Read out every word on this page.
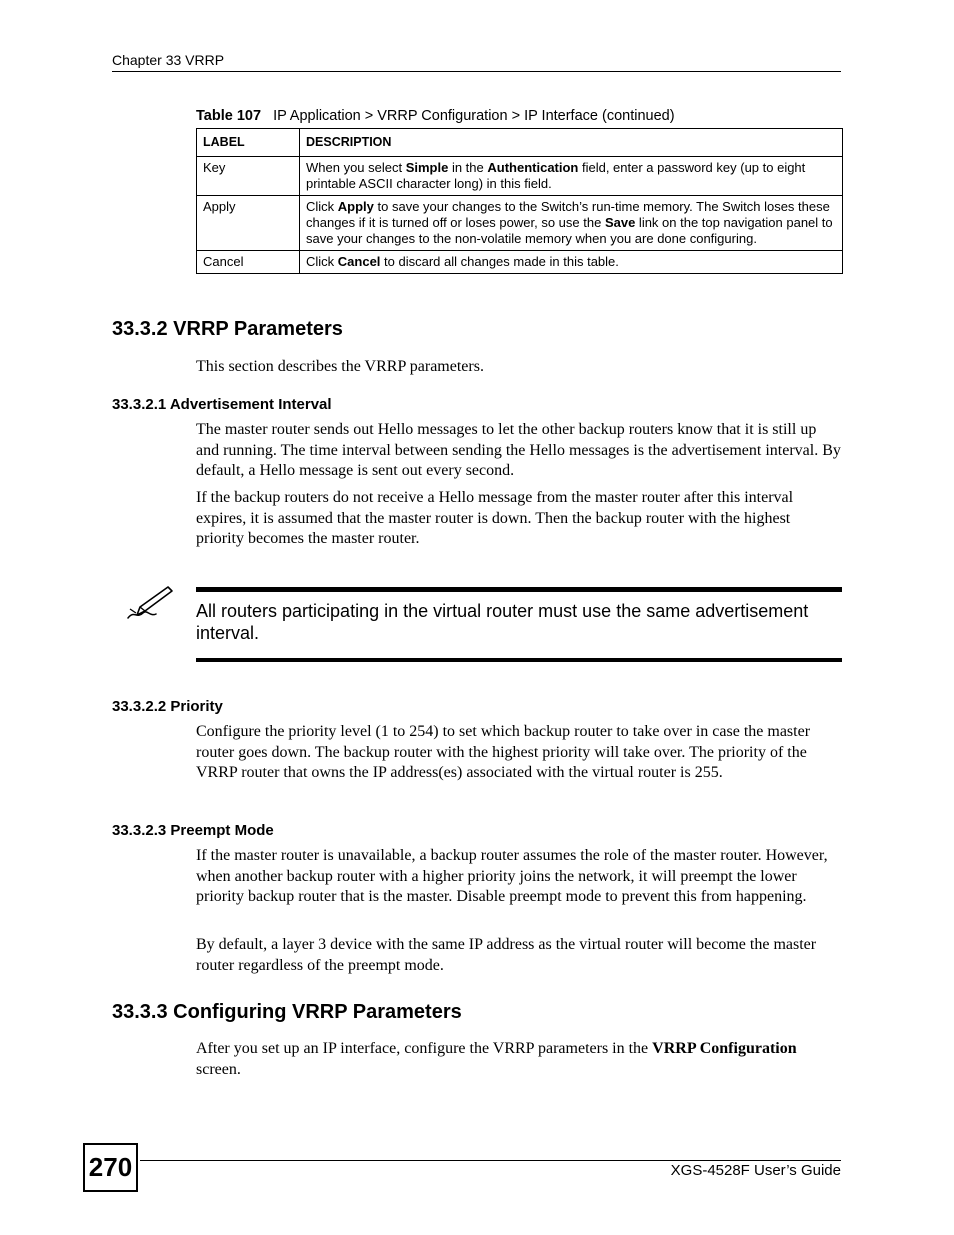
Chapter 33 VRRP
Table 107 IP Application > VRRP Configuration > IP Interface (continued)
LABEL	DESCRIPTION
Key	When you select Simple in the Authentication field, enter a password key (up to eight printable ASCII character long) in this field.
Apply	Click Apply to save your changes to the Switch’s run-time memory. The Switch loses these changes if it is turned off or loses power, so use the Save link on the top navigation panel to save your changes to the non-volatile memory when you are done configuring.
Cancel	Click Cancel to discard all changes made in this table.
33.3.2 VRRP Parameters
This section describes the VRRP parameters.
33.3.2.1 Advertisement Interval
The master router sends out Hello messages to let the other backup routers know that it is still up and running. The time interval between sending the Hello messages is the advertisement interval. By default, a Hello message is sent out every second.
If the backup routers do not receive a Hello message from the master router after this interval expires, it is assumed that the master router is down. Then the backup router with the highest priority becomes the master router.
All routers participating in the virtual router must use the same advertisement interval.
33.3.2.2 Priority
Configure the priority level (1 to 254) to set which backup router to take over in case the master router goes down. The backup router with the highest priority will take over. The priority of the VRRP router that owns the IP address(es) associated with the virtual router is 255.
33.3.2.3 Preempt Mode
If the master router is unavailable, a backup router assumes the role of the master router. However, when another backup router with a higher priority joins the network, it will preempt the lower priority backup router that is the master. Disable preempt mode to prevent this from happening.
By default, a layer 3 device with the same IP address as the virtual router will become the master router regardless of the preempt mode.
33.3.3 Configuring VRRP Parameters
After you set up an IP interface, configure the VRRP parameters in the VRRP Configuration screen.
270	XGS-4528F User’s Guide
